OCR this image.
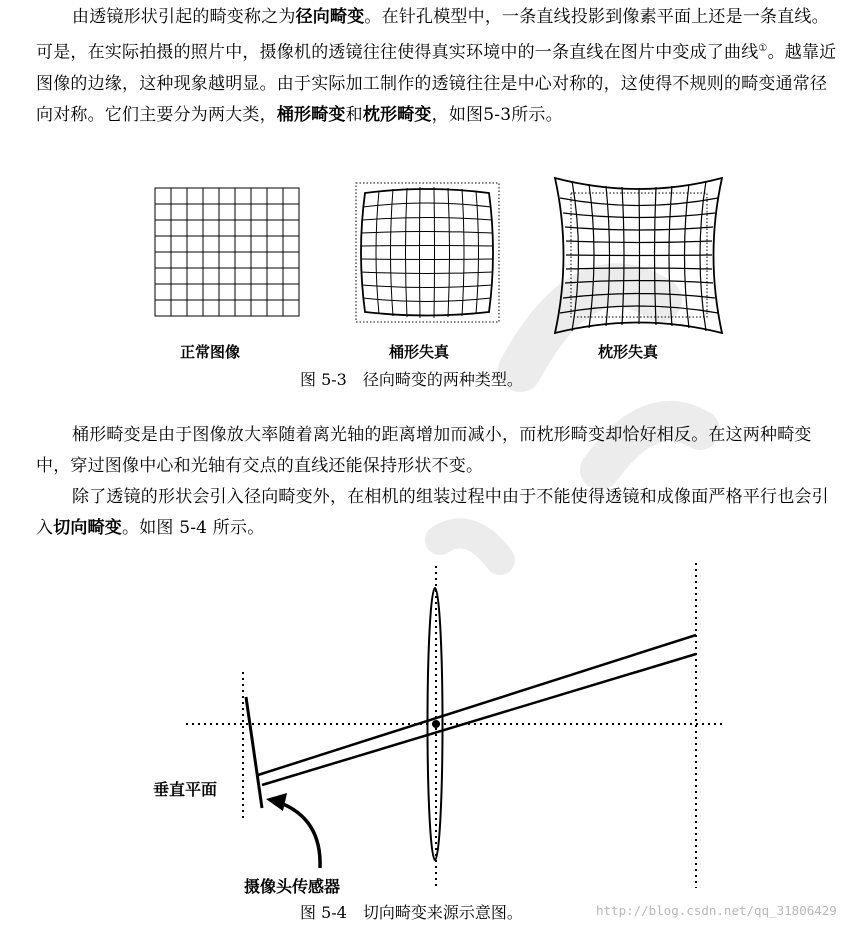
由透镜形状引起的畸变称之为径向畸变。在针孔模型中，一条直线投影到像素平面上还是一条直线。可是，在实际拍摄的照片中，摄像机的透镜往往使得真实环境中的一条直线在图片中变成了曲线①。越靠近图像的边缘，这种现象越明显。由于实际加工制作的透镜往往是中心对称的，这使得不规则的畸变通常径向对称。它们主要分为两大类，桶形畸变和枕形畸变，如图5-3所示。
正常图像	桶形失真	枕形失真
图 5-3　径向畸变的两种类型。
桶形畸变是由于图像放大率随着离光轴的距离增加而减小，而枕形畸变却恰好相反。在这两种畸变中，穿过图像中心和光轴有交点的直线还能保持形状不变。
除了透镜的形状会引入径向畸变外，在相机的组装过程中由于不能使得透镜和成像面严格平行也会引入切向畸变。如图 5-4 所示。
垂直平面
摄像头传感器
图 5-4　切向畸变来源示意图。	http://blog.csdn.net/qq_31806429
